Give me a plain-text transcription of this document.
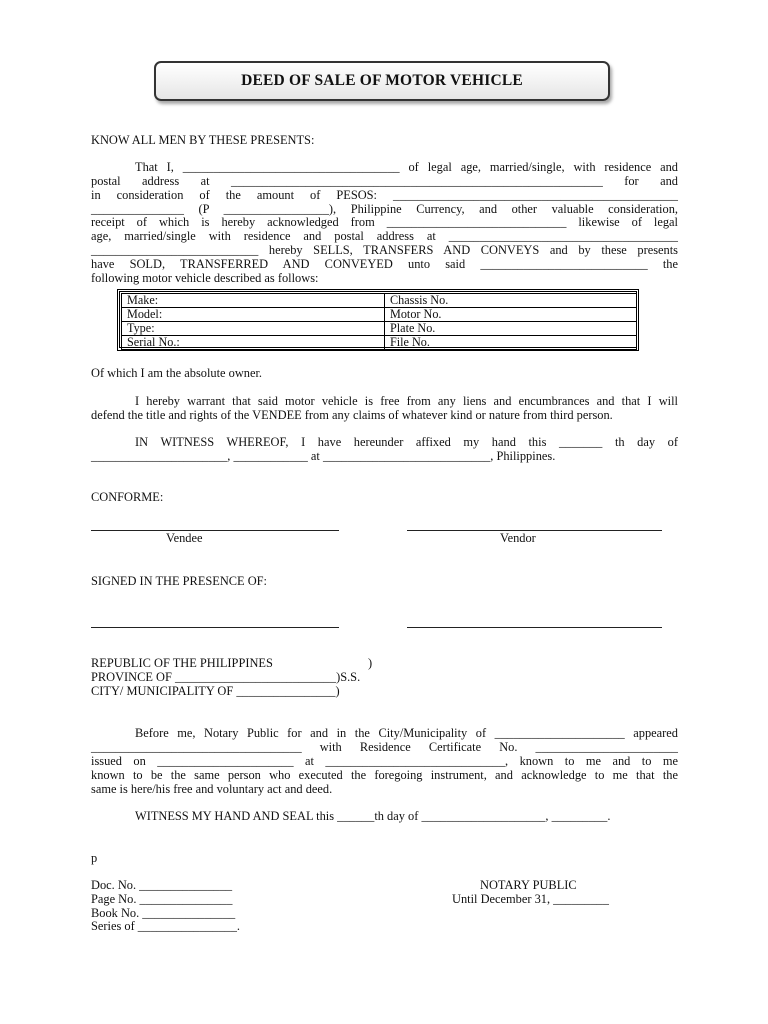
DEED OF SALE OF MOTOR VEHICLE
KNOW ALL MEN BY THESE PRESENTS:
That I, ___________________________________ of legal age, married/single, with residence and
postal address at ____________________________________________________________ for and
in consideration of the amount of PESOS: ______________________________________________
_______________ (P _________________), Philippine Currency, and other valuable consideration,
receipt of which is hereby acknowledged from _____________________________ likewise of legal
age, married/single with residence and postal address at _____________________________________
___________________________ hereby SELLS, TRANSFERS AND CONVEYS and by these presents
have SOLD, TRANSFERRED AND CONVEYED unto said ___________________________ the
following motor vehicle described as follows:
Make:	Chassis No.
Model:	Motor No.
Type:	Plate No.
Serial No.:	File No.
Of which I am the absolute owner.
I hereby warrant that said motor vehicle is free from any liens and encumbrances and that I will
defend the title and rights of the VENDEE from any claims of whatever kind or nature from third person.
IN WITNESS WHEREOF, I have hereunder affixed my hand this _______ th day of
______________________, ____________ at ___________________________, Philippines.
CONFORME:
Vendee	Vendor
SIGNED IN THE PRESENCE OF:
REPUBLIC OF THE PHILIPPINES	)
PROVINCE OF __________________________)S.S.
CITY/ MUNICIPALITY OF ________________)
Before me, Notary Public for and in the City/Municipality of _____________________ appeared
__________________________________ with Residence Certificate No. _______________________
issued on ______________________ at _____________________________, known to me and to me
known to be the same person who executed the foregoing instrument, and acknowledge to me that the
same is here/his free and voluntary act and deed.
WITNESS MY HAND AND SEAL this ______th day of ____________________, _________.
p
Doc. No. _______________
Page No. _______________
Book No. _______________
Series of ________________.
NOTARY PUBLIC
Until December 31, _________
